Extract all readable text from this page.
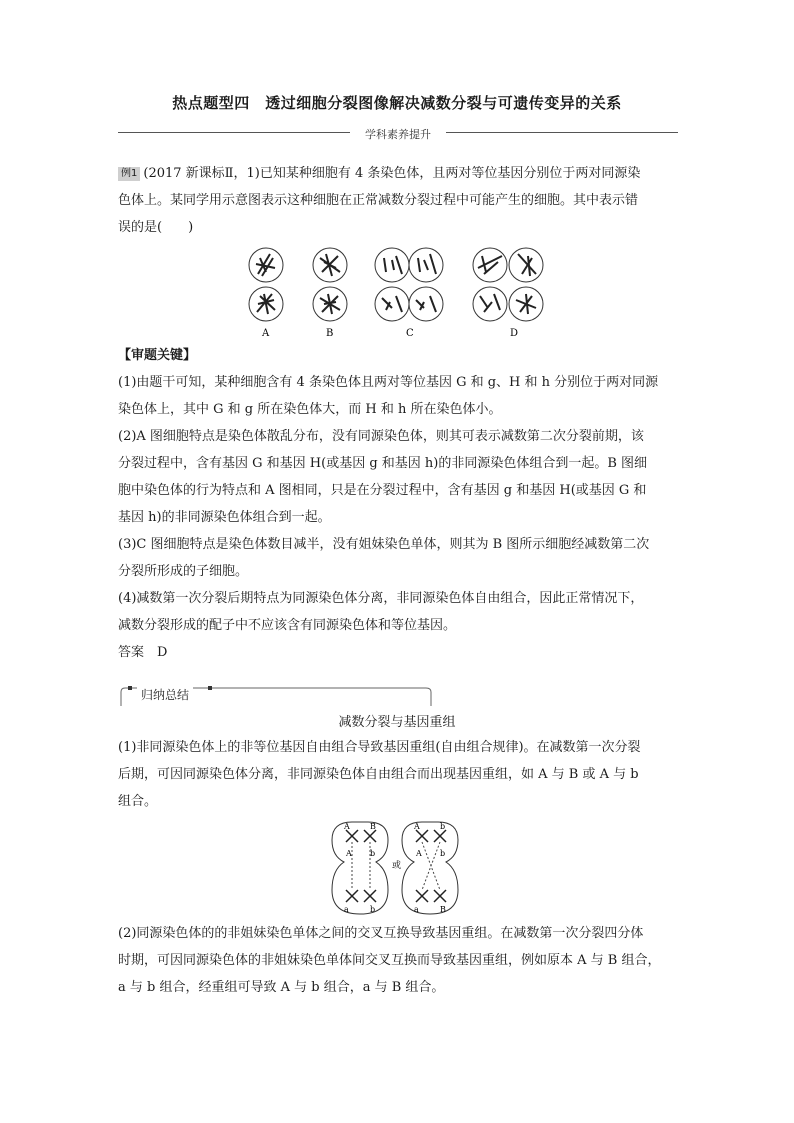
热点题型四　透过细胞分裂图像解决减数分裂与可遗传变异的关系
学科素养提升
例1 (2017 新课标Ⅱ，1)已知某种细胞有 4 条染色体，且两对等位基因分别位于两对同源染
色体上。某同学用示意图表示这种细胞在正常减数分裂过程中可能产生的细胞。其中表示错
误的是(　　)
A	B	C	D
【审题关键】
(1)由题干可知，某种细胞含有 4 条染色体且两对等位基因 G 和 g、H 和 h 分别位于两对同源
染色体上，其中 G 和 g 所在染色体大，而 H 和 h 所在染色体小。
(2)A 图细胞特点是染色体散乱分布，没有同源染色体，则其可表示减数第二次分裂前期，该
分裂过程中，含有基因 G 和基因 H(或基因 g 和基因 h)的非同源染色体组合到一起。B 图细
胞中染色体的行为特点和 A 图相同，只是在分裂过程中，含有基因 g 和基因 H(或基因 G 和
基因 h)的非同源染色体组合到一起。
(3)C 图细胞特点是染色体数目减半，没有姐妹染色单体，则其为 B 图所示细胞经减数第二次
分裂所形成的子细胞。
(4)减数第一次分裂后期特点为同源染色体分离，非同源染色体自由组合，因此正常情况下，
减数分裂形成的配子中不应该含有同源染色体和等位基因。
答案　D
归纳总结
减数分裂与基因重组
(1)非同源染色体上的非等位基因自由组合导致基因重组(自由组合规律)。在减数第一次分裂
后期，可因同源染色体分离，非同源染色体自由组合而出现基因重组，如 A 与 B 或 A 与 b
组合。
A	B
A b
a	b
或
A	b
A b
a	B
(2)同源染色体的的非姐妹染色单体之间的交叉互换导致基因重组。在减数第一次分裂四分体
时期，可因同源染色体的非姐妹染色单体间交叉互换而导致基因重组，例如原本 A 与 B 组合，
a 与 b 组合，经重组可导致 A 与 b 组合，a 与 B 组合。
